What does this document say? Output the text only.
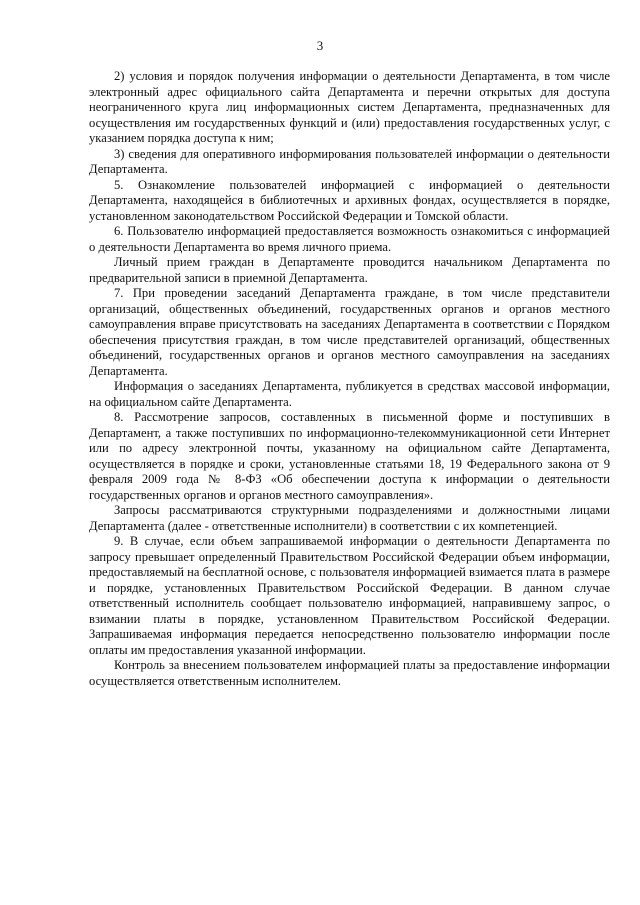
3

2) условия и порядок получения информации о деятельности Департамента, в том числе электронный адрес официального сайта Департамента и перечни открытых для доступа неограниченного круга лиц информационных систем Департамента, предназначенных для осуществления им государственных функций и (или) предоставления государственных услуг, с указанием порядка доступа к ним;

3) сведения для оперативного информирования пользователей информации о деятельности Департамента.

5. Ознакомление пользователей информацией с информацией о деятельности Департамента, находящейся в библиотечных и архивных фондах, осуществляется в порядке, установленном законодательством Российской Федерации и Томской области.

6. Пользователю информацией предоставляется возможность ознакомиться с информацией о деятельности Департамента во время личного приема.

Личный прием граждан в Департаменте проводится начальником Департамента по предварительной записи в приемной Департамента.

7. При проведении заседаний Департамента граждане, в том числе представители организаций, общественных объединений, государственных органов и органов местного самоуправления вправе присутствовать на заседаниях Департамента в соответствии с Порядком обеспечения присутствия граждан, в том числе представителей организаций, общественных объединений, государственных органов и органов местного самоуправления на заседаниях Департамента.

Информация о заседаниях Департамента, публикуется в средствах массовой информации, на официальном сайте Департамента.

8. Рассмотрение запросов, составленных в письменной форме и поступивших в Департамент, а также поступивших по информационно-телекоммуникационной сети Интернет или по адресу электронной почты, указанному на официальном сайте Департамента, осуществляется в порядке и сроки, установленные статьями 18, 19 Федерального закона от 9 февраля 2009 года № 8-ФЗ «Об обеспечении доступа к информации о деятельности государственных органов и органов местного самоуправления».

Запросы рассматриваются структурными подразделениями и должностными лицами Департамента (далее - ответственные исполнители) в соответствии с их компетенцией.

9. В случае, если объем запрашиваемой информации о деятельности Департамента по запросу превышает определенный Правительством Российской Федерации объем информации, предоставляемый на бесплатной основе, с пользователя информацией взимается плата в размере и порядке, установленных Правительством Российской Федерации. В данном случае ответственный исполнитель сообщает пользователю информацией, направившему запрос, о взимании платы в порядке, установленном Правительством Российской Федерации. Запрашиваемая информация передается непосредственно пользователю информации после оплаты им предоставления указанной информации.

Контроль за внесением пользователем информацией платы за предоставление информации осуществляется ответственным исполнителем.
